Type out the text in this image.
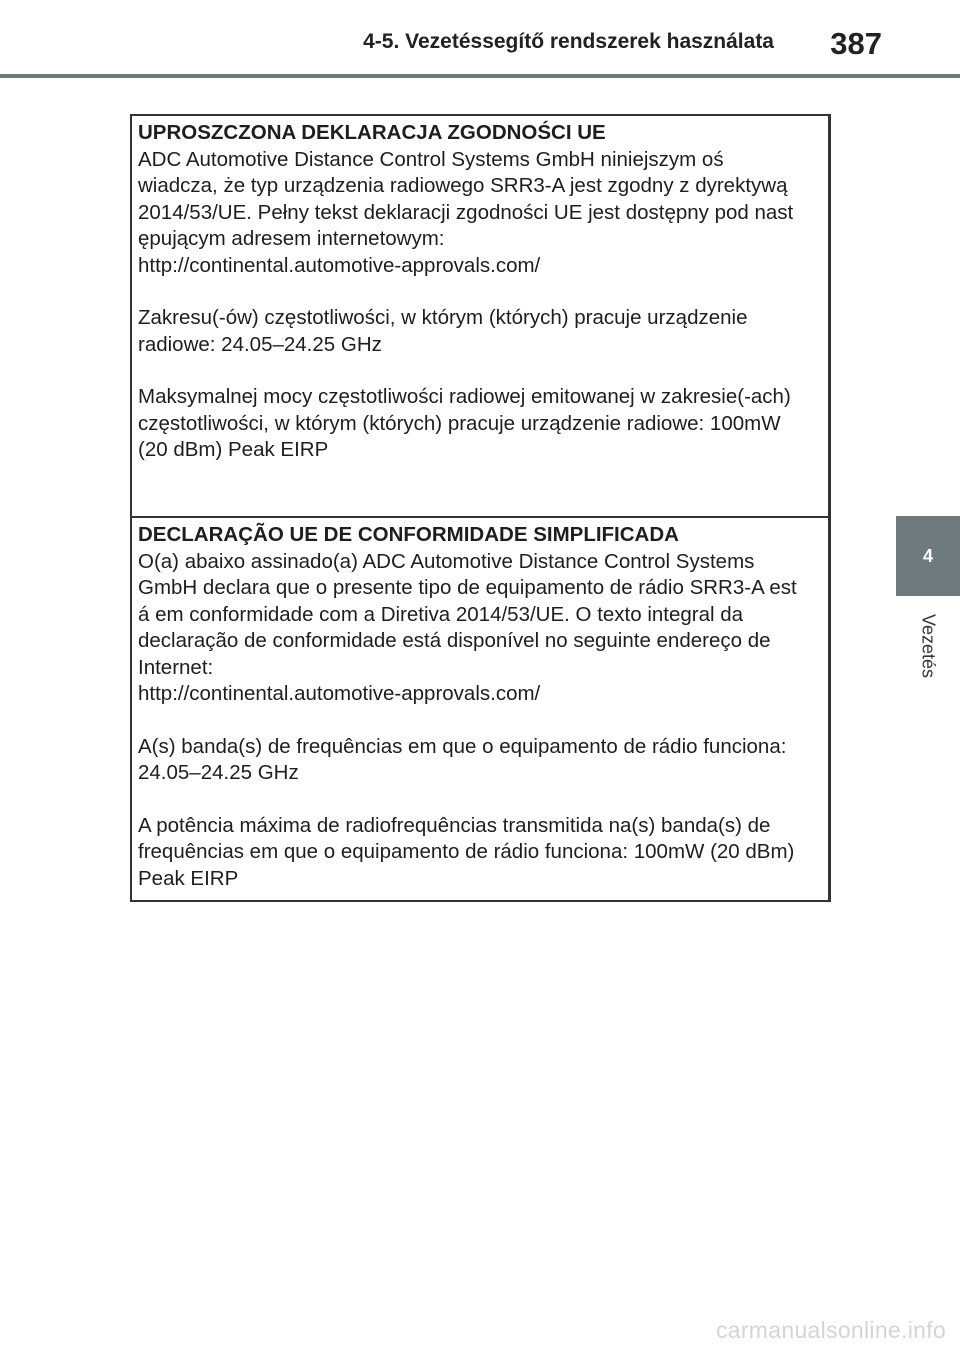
4-5. Vezetéssegítő rendszerek használata 387
4
Vezetés
UPROSZCZONA DEKLARACJA ZGODNOŚCI UE
ADC Automotive Distance Control Systems GmbH niniejszym oś
wiadcza, że typ urządzenia radiowego SRR3-A jest zgodny z dyrektywą
2014/53/UE. Pełny tekst deklaracji zgodności UE jest dostępny pod nast
ępującym adresem internetowym:
http://continental.automotive-approvals.com/
Zakresu(-ów) częstotliwości, w którym (których) pracuje urządzenie
radiowe: 24.05–24.25 GHz
Maksymalnej mocy częstotliwości radiowej emitowanej w zakresie(-ach)
częstotliwości, w którym (których) pracuje urządzenie radiowe: 100mW
(20 dBm) Peak EIRP
DECLARAÇÃO UE DE CONFORMIDADE SIMPLIFICADA
O(a) abaixo assinado(a) ADC Automotive Distance Control Systems
GmbH declara que o presente tipo de equipamento de rádio SRR3-A est
á em conformidade com a Diretiva 2014/53/UE. O texto integral da
declaração de conformidade está disponível no seguinte endereço de
Internet:
http://continental.automotive-approvals.com/
A(s) banda(s) de frequências em que o equipamento de rádio funciona:
24.05–24.25 GHz
A potência máxima de radiofrequências transmitida na(s) banda(s) de
frequências em que o equipamento de rádio funciona: 100mW (20 dBm)
Peak EIRP
carmanualsonline.info
